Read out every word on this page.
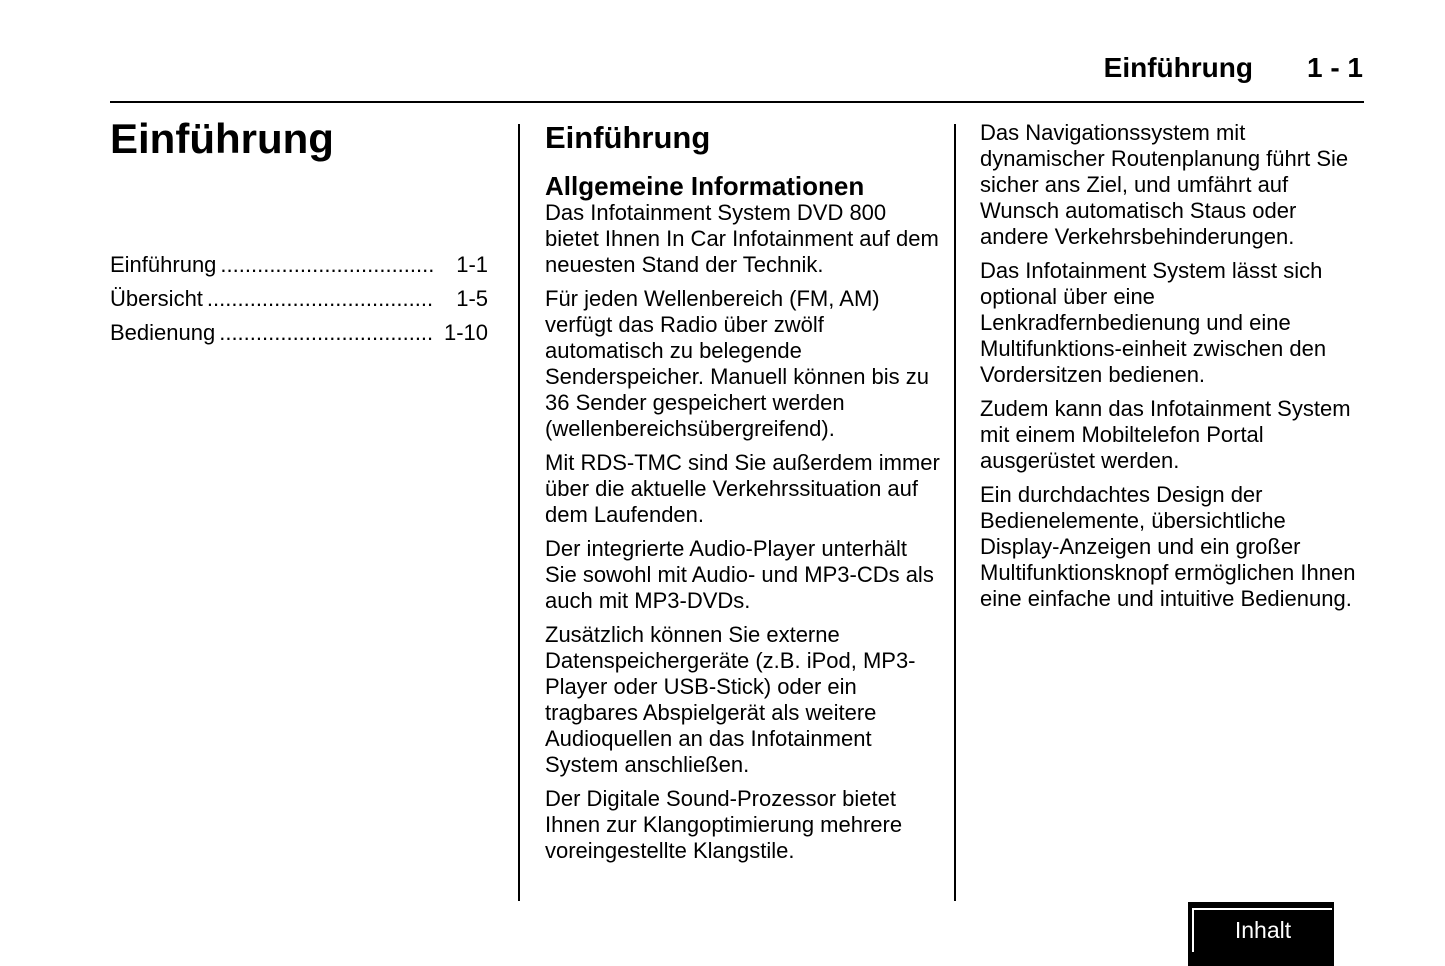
Einführung 1 - 1
Einführung
Einführung .....	1-1
Übersicht .....	1-5
Bedienung .....	1-10
Einführung
Allgemeine Informationen

Das Infotainment System DVD 800 bietet Ihnen In Car Infotainment auf dem neuesten Stand der Technik.

Für jeden Wellenbereich (FM, AM) verfügt das Radio über zwölf automatisch zu belegende Senderspeicher. Manuell können bis zu 36 Sender gespeichert werden (wellenbereichsübergreifend).

Mit RDS-TMC sind Sie außerdem immer über die aktuelle Verkehrssituation auf dem Laufenden.

Der integrierte Audio-Player unterhält Sie sowohl mit Audio- und MP3-CDs als auch mit MP3-DVDs.

Zusätzlich können Sie externe Datenspeichergeräte (z.B. iPod, MP3-Player oder USB-Stick) oder ein tragbares Abspielgerät als weitere Audioquellen an das Infotainment System anschließen.

Der Digitale Sound-Prozessor bietet Ihnen zur Klangoptimierung mehrere voreingestellte Klangstile.

Das Navigationssystem mit dynamischer Routenplanung führt Sie sicher ans Ziel, und umfährt auf Wunsch automatisch Staus oder andere Verkehrsbehinderungen.

Das Infotainment System lässt sich optional über eine Lenkradfernbedienung und eine Multifunktions-einheit zwischen den Vordersitzen bedienen.

Zudem kann das Infotainment System mit einem Mobiltelefon Portal ausgerüstet werden.

Ein durchdachtes Design der Bedienelemente, übersichtliche Display-Anzeigen und ein großer Multifunktionsknopf ermöglichen Ihnen eine einfache und intuitive Bedienung.

Inhalt
